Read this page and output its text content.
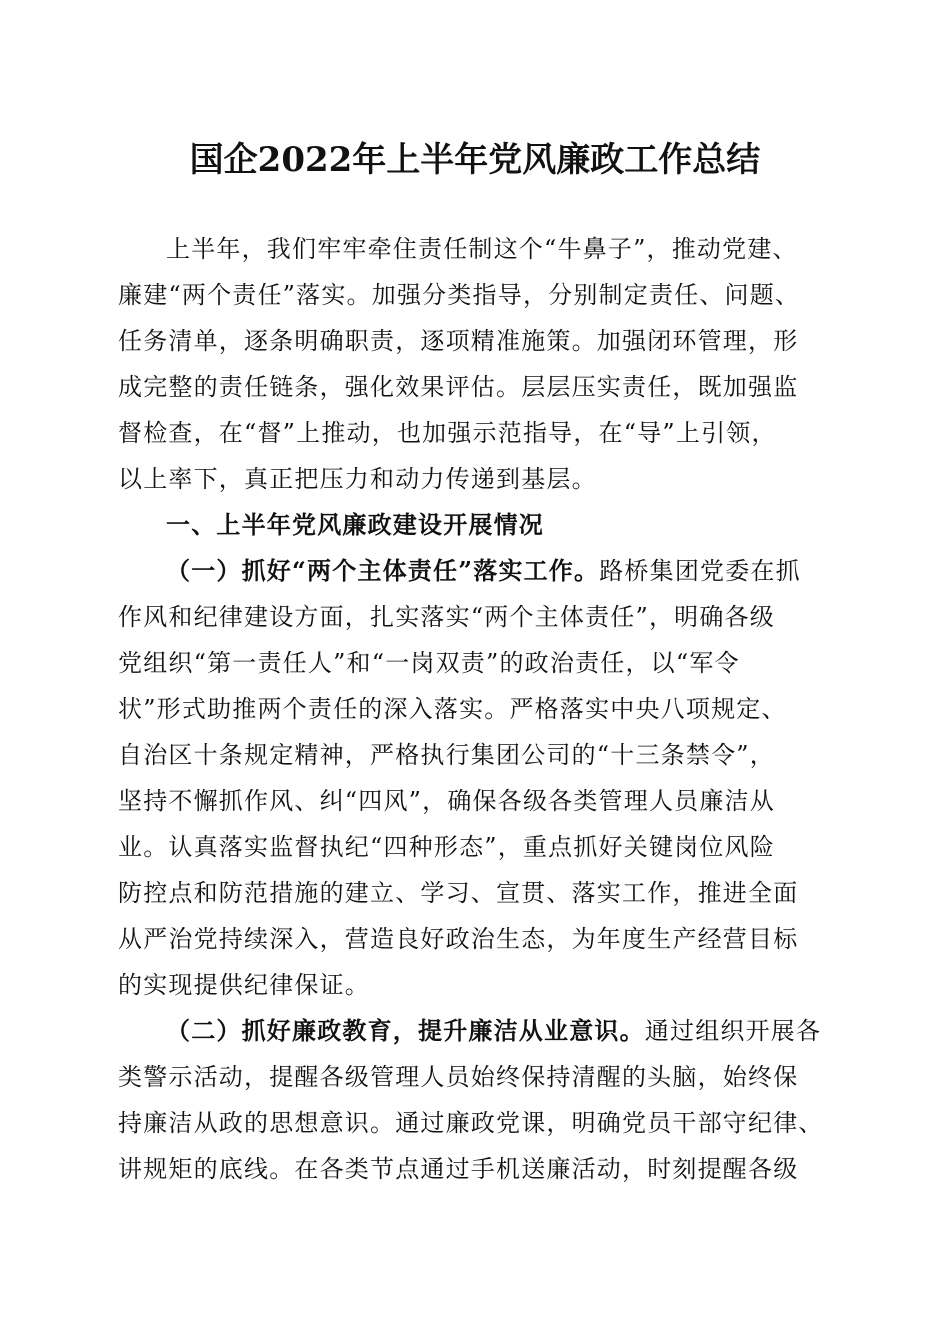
国企2022年上半年党风廉政工作总结
上半年，我们牢牢牵住责任制这个“牛鼻子”，推动党建、
廉建“两个责任”落实。加强分类指导，分别制定责任、问题、
任务清单，逐条明确职责，逐项精准施策。加强闭环管理，形
成完整的责任链条，强化效果评估。层层压实责任，既加强监
督检查，在“督”上推动，也加强示范指导，在“导”上引领，
以上率下，真正把压力和动力传递到基层。
一、上半年党风廉政建设开展情况
（一）抓好“两个主体责任”落实工作。路桥集团党委在抓
作风和纪律建设方面，扎实落实“两个主体责任”，明确各级
党组织“第一责任人”和“一岗双责”的政治责任，以“军令
状”形式助推两个责任的深入落实。严格落实中央八项规定、
自治区十条规定精神，严格执行集团公司的“十三条禁令”，
坚持不懈抓作风、纠“四风”，确保各级各类管理人员廉洁从
业。认真落实监督执纪“四种形态”，重点抓好关键岗位风险
防控点和防范措施的建立、学习、宣贯、落实工作，推进全面
从严治党持续深入，营造良好政治生态，为年度生产经营目标
的实现提供纪律保证。
（二）抓好廉政教育，提升廉洁从业意识。通过组织开展各
类警示活动，提醒各级管理人员始终保持清醒的头脑，始终保
持廉洁从政的思想意识。通过廉政党课，明确党员干部守纪律、
讲规矩的底线。在各类节点通过手机送廉活动，时刻提醒各级
